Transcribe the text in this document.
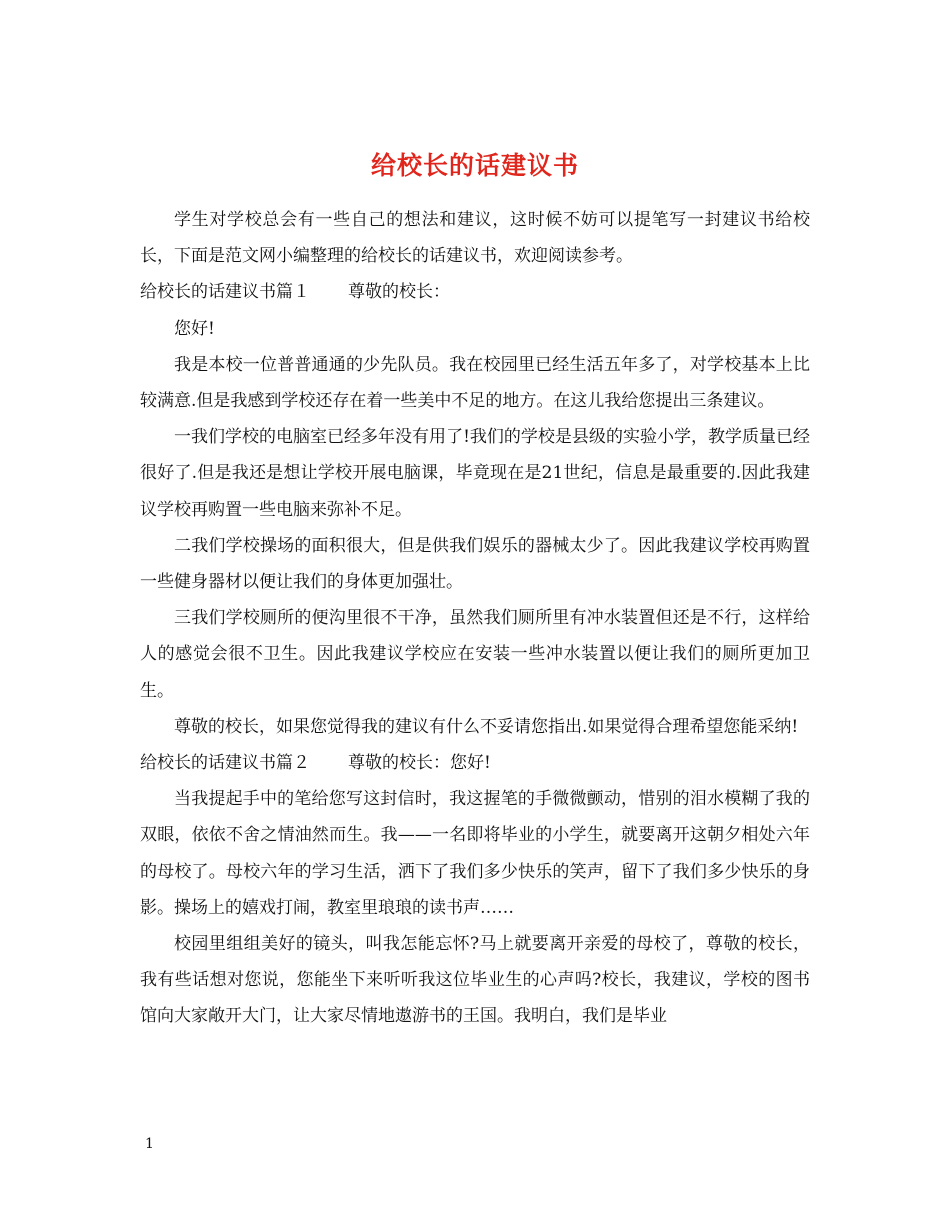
给校长的话建议书

学生对学校总会有一些自己的想法和建议，这时候不妨可以提笔写一封建议书给校长，下面是范文网小编整理的给校长的话建议书，欢迎阅读参考。

给校长的话建议书篇１ 尊敬的校长：

您好!

我是本校一位普普通通的少先队员。我在校园里已经生活五年多了，对学校基本上比较满意.但是我感到学校还存在着一些美中不足的地方。在这儿我给您提出三条建议。

一我们学校的电脑室已经多年没有用了!我们的学校是县级的实验小学，教学质量已经很好了.但是我还是想让学校开展电脑课，毕竟现在是21世纪，信息是最重要的.因此我建议学校再购置一些电脑来弥补不足。

二我们学校操场的面积很大，但是供我们娱乐的器械太少了。因此我建议学校再购置一些健身器材以便让我们的身体更加强壮。

三我们学校厕所的便沟里很不干净，虽然我们厕所里有冲水装置但还是不行，这样给人的感觉会很不卫生。因此我建议学校应在安装一些冲水装置以便让我们的厕所更加卫生。

尊敬的校长，如果您觉得我的建议有什么不妥请您指出.如果觉得合理希望您能采纳!

给校长的话建议书篇２ 尊敬的校长：您好!

当我提起手中的笔给您写这封信时，我这握笔的手微微颤动，惜别的泪水模糊了我的双眼，依依不舍之情油然而生。我——一名即将毕业的小学生，就要离开这朝夕相处六年的母校了。母校六年的学习生活，洒下了我们多少快乐的笑声，留下了我们多少快乐的身影。操场上的嬉戏打闹，教室里琅琅的读书声……

校园里组组美好的镜头，叫我怎能忘怀?马上就要离开亲爱的母校了，尊敬的校长，我有些话想对您说，您能坐下来听听我这位毕业生的心声吗?校长，我建议，学校的图书馆向大家敞开大门，让大家尽情地遨游书的王国。我明白，我们是毕业

1
